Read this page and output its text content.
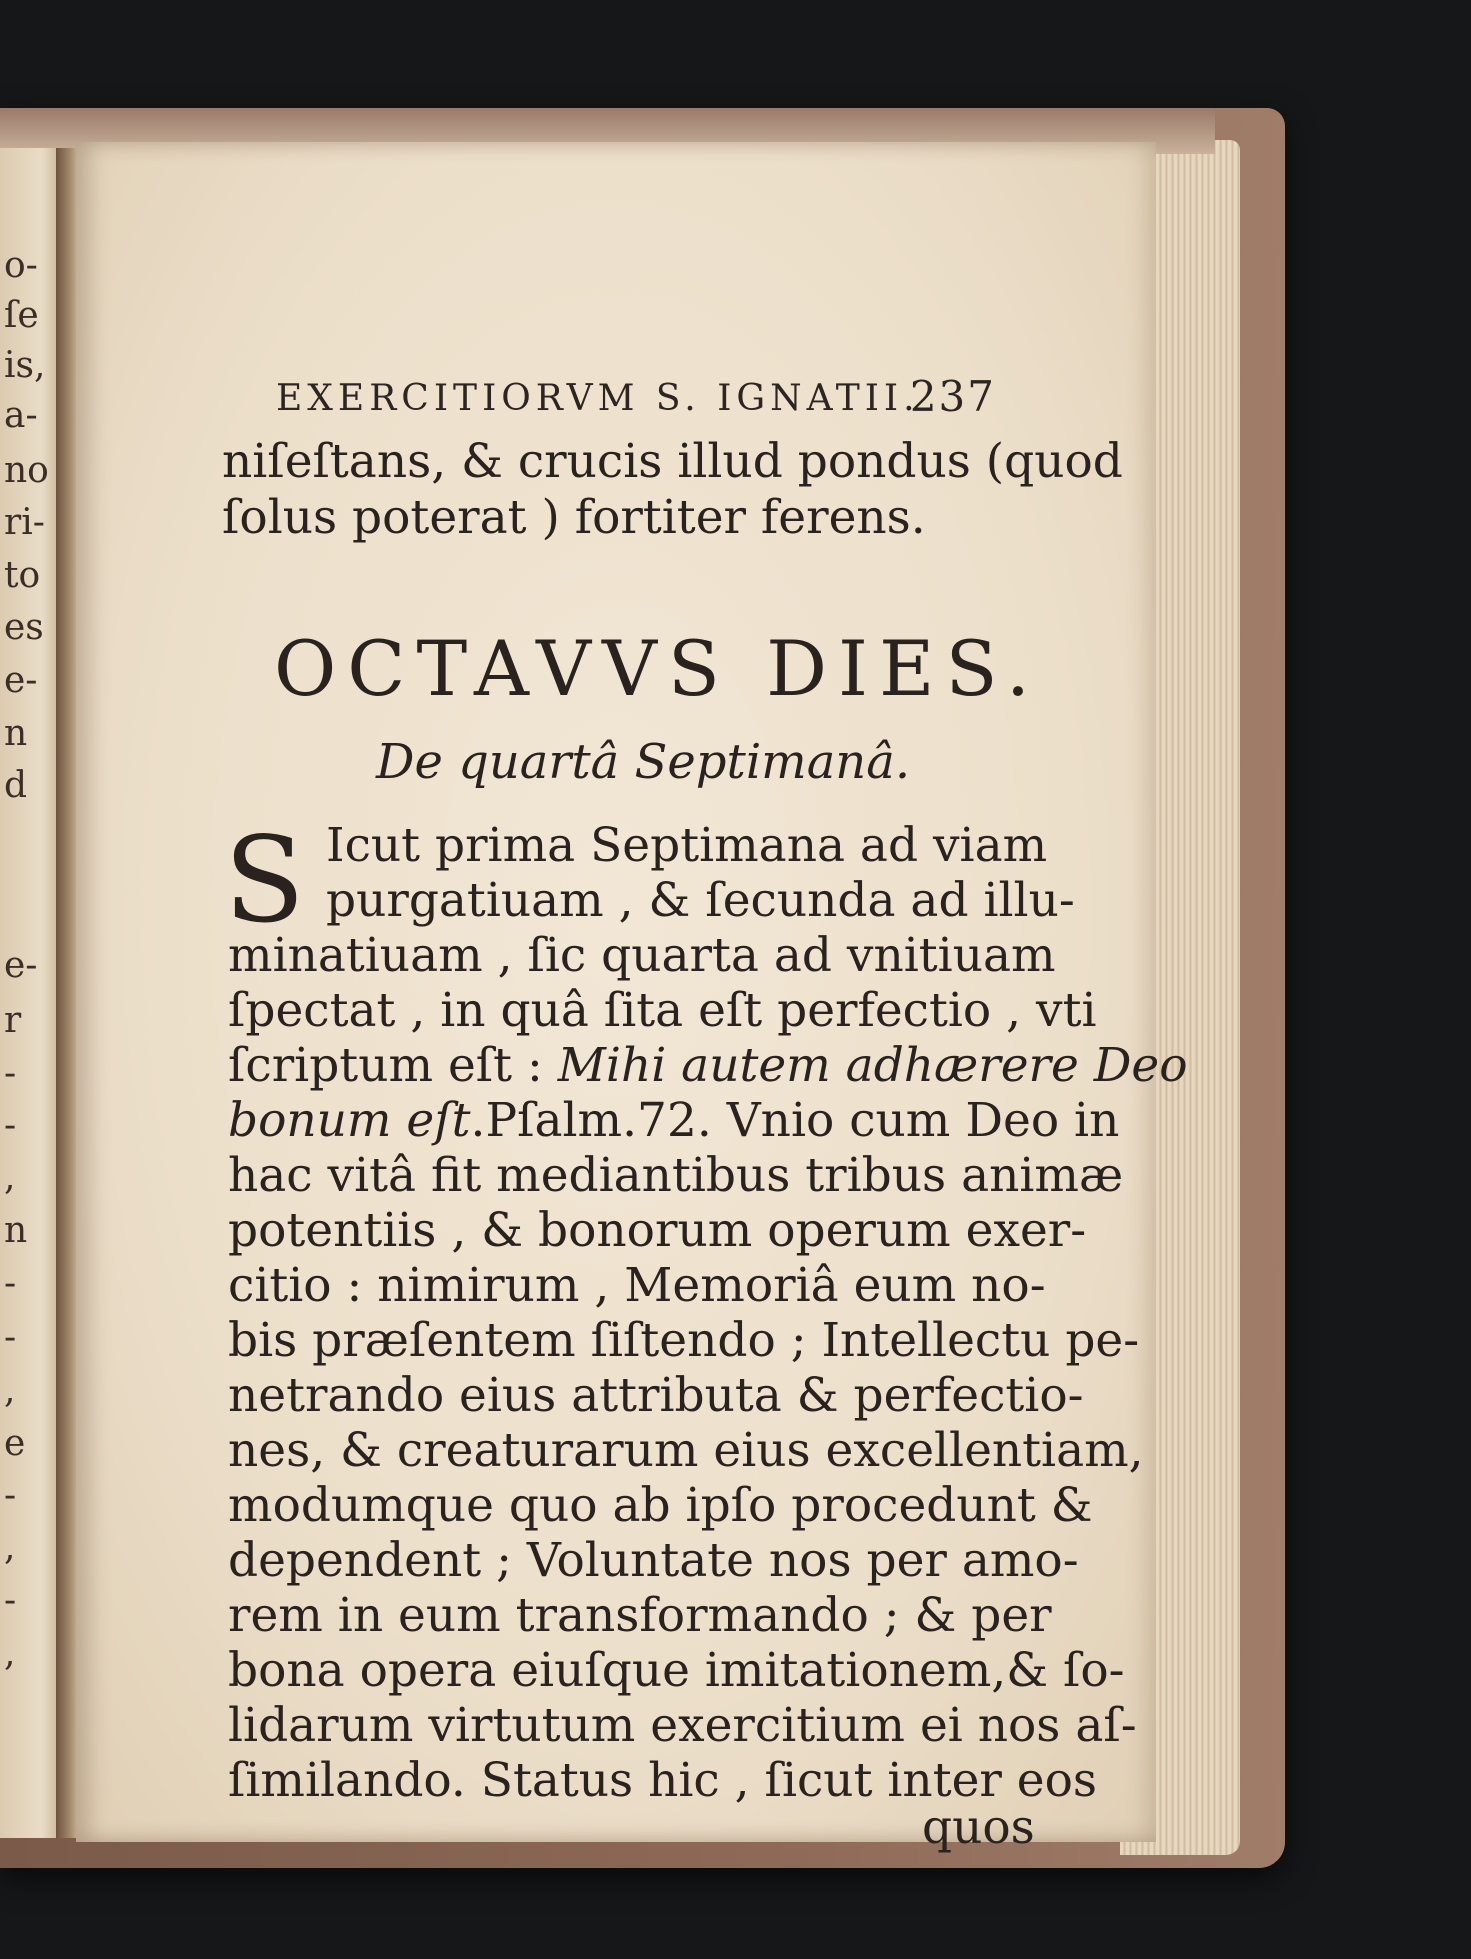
o-
ſe
is,
a-
no
ri-
to
es
e-
n
d
e-
r
-
-
,
n
-
-
,
e
-
,
-
,
EXERCITIORVM S. IGNATII.
237
niſeſtans, & crucis illud pondus (quod
ſolus poterat ) fortiter ferens.
OCTAVVS DIES.
De quartâ Septimanâ.
S Icut prima Septimana ad viam
purgatiuam , & ſecunda ad illu-
minatiuam , ſic quarta ad vnitiuam
ſpectat , in quâ ſita eſt perfectio , vti
ſcriptum eſt : Mihi autem adhærere Deo
bonum eſt.Pſalm.72. Vnio cum Deo in
hac vitâ fit mediantibus tribus animæ
potentiis , & bonorum operum exer-
citio : nimirum , Memoriâ eum no-
bis præſentem ſiſtendo ; Intellectu pe-
netrando eius attributa & perfectio-
nes, & creaturarum eius excellentiam,
modumque quo ab ipſo procedunt &
dependent ; Voluntate nos per amo-
rem in eum transformando ; & per
bona opera eiuſque imitationem,& ſo-
lidarum virtutum exercitium ei nos aſ-
ſimilando. Status hic , ſicut inter eos
quos
